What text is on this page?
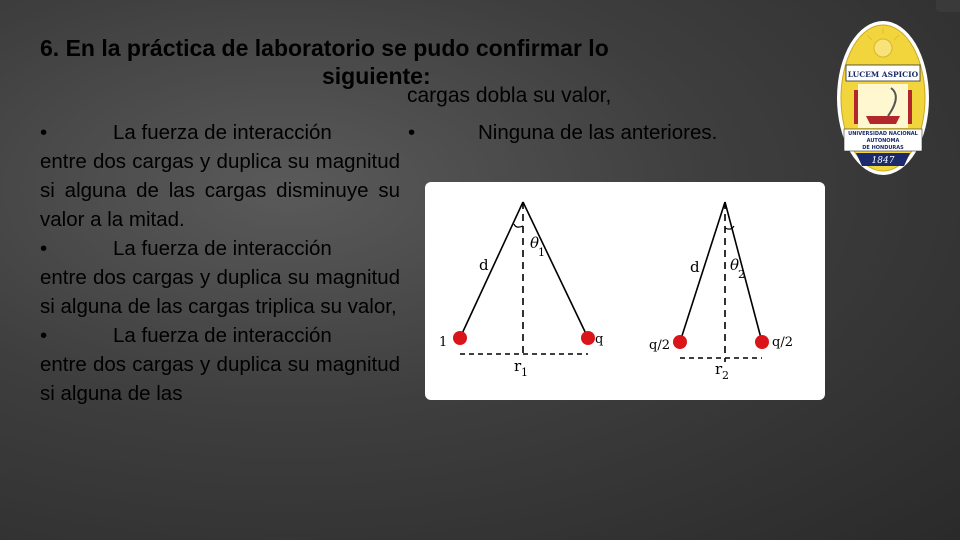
6. En la práctica de laboratorio se pudo confirmar lo
siguiente:
cargas dobla su valor,

•	La fuerza de interacción
entre dos cargas y duplica su magnitud si alguna de las cargas disminuye su valor a la mitad.

•	La fuerza de interacción
entre dos cargas y duplica su magnitud si alguna de las cargas triplica su valor,

•	La fuerza de interacción
entre dos cargas y duplica su magnitud si alguna de las

•	Ninguna de las anteriores.
d
θ
1
1	q
r 1
d θ
2
q/2	q/2
r 2
LUCEM ASPICIO
UNIVERSIDAD NACIONAL
AUTONOMA
DE HONDURAS
1847
